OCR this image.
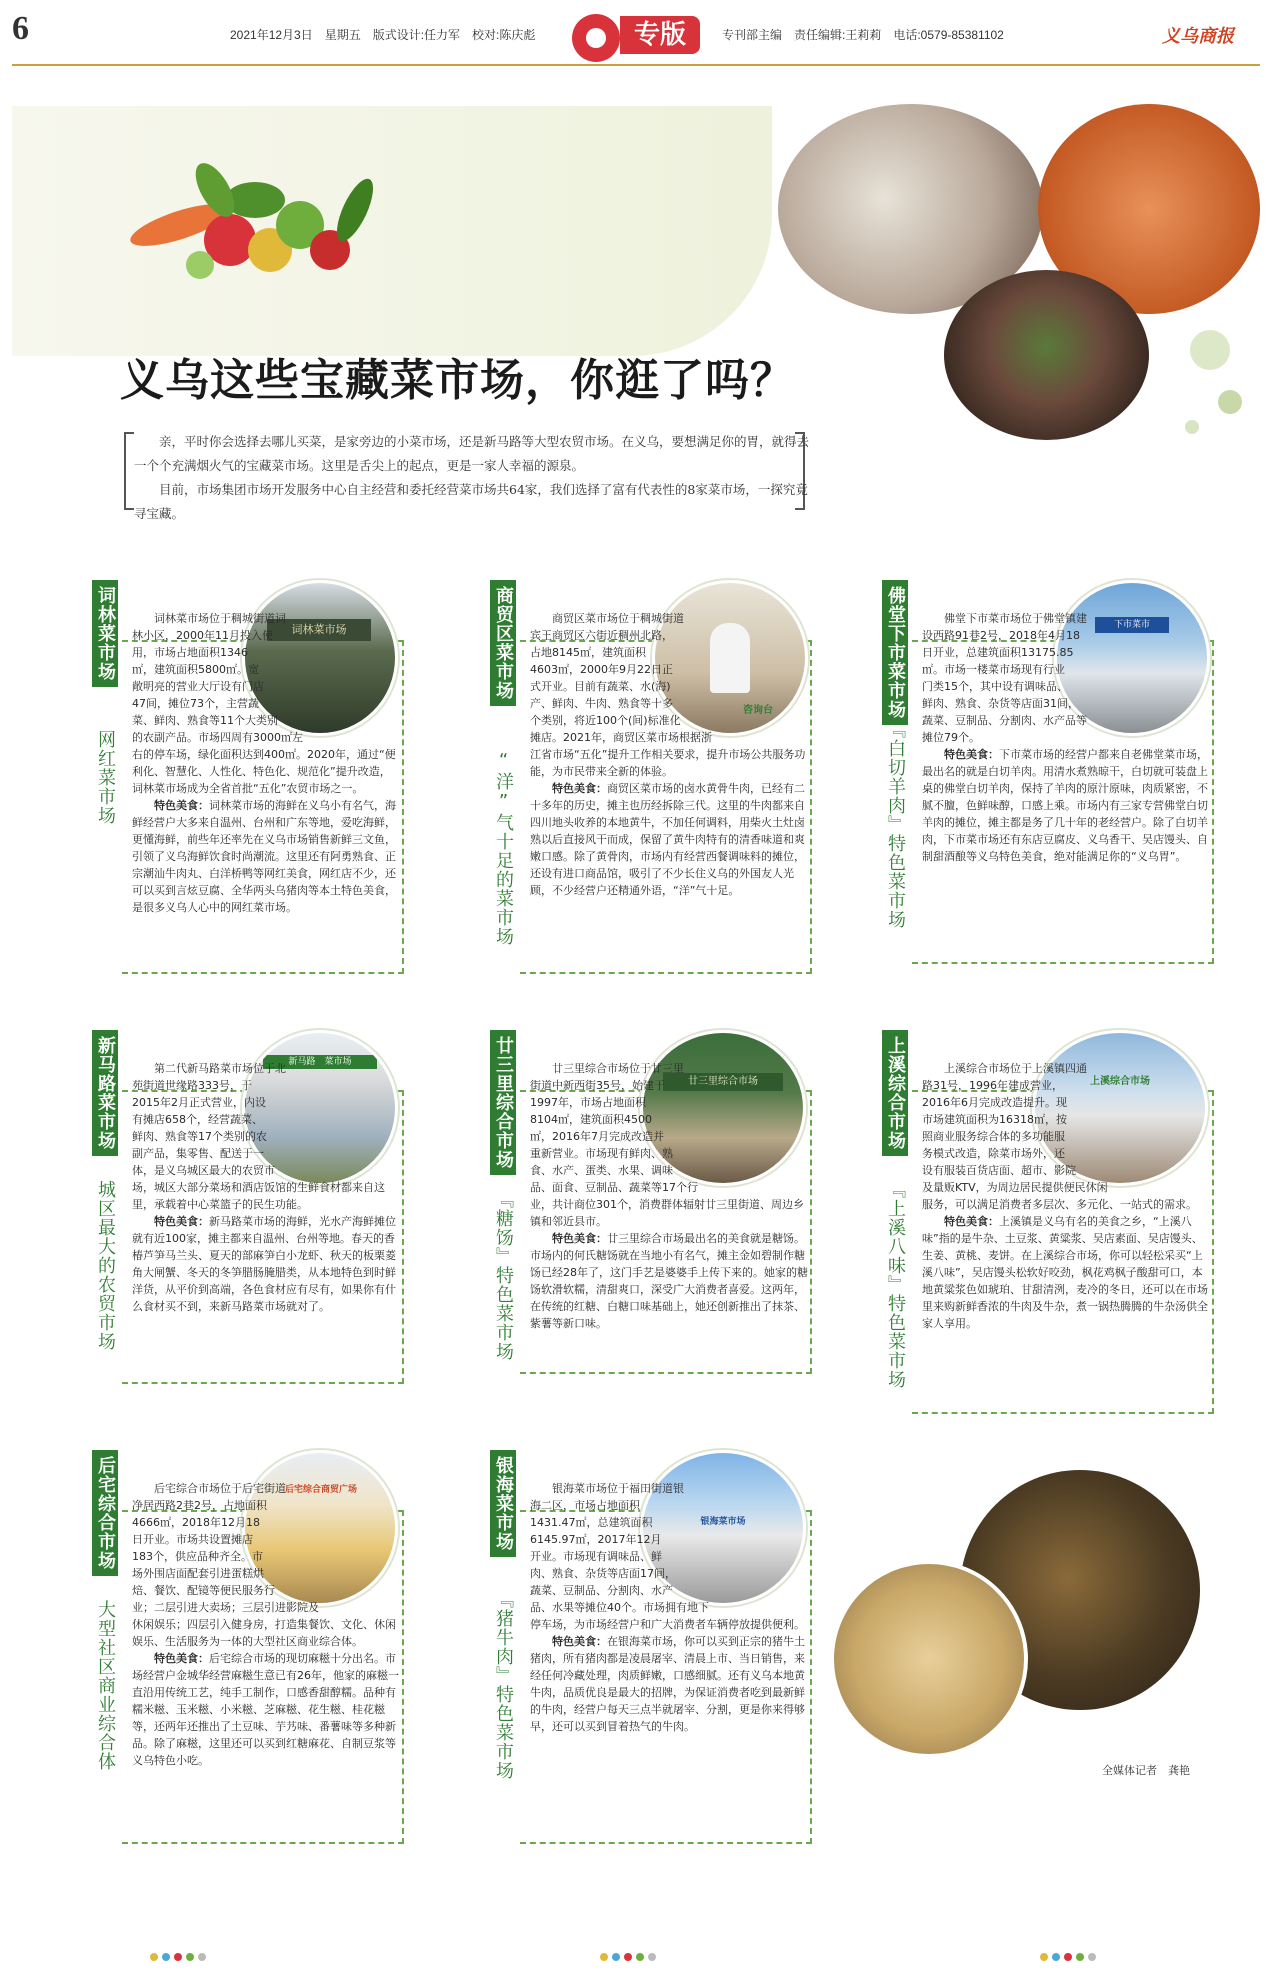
6	2021年12月3日　星期五　版式设计:任力军　校对:陈庆彪	专版	专刊部主编　责任编辑:王莉莉　电话:0579-85381102	义乌商报
义乌这些宝藏菜市场，你逛了吗？

亲，平时你会选择去哪儿买菜，是家旁边的小菜市场，还是新马路等大型农贸市场。在义乌，要想满足你的胃，就得去一个个充满烟火气的宝藏菜市场。这里是舌尖上的起点，更是一家人幸福的源泉。

目前，市场集团市场开发服务中心自主经营和委托经营菜市场共64家，我们选择了富有代表性的8家菜市场，一探究竟寻宝藏。

词林菜市场
网红菜市场
词林菜市场

词林菜市场位于稠城街道词林小区，2000年11月投入使用，市场占地面积1346㎡，建筑面积5800㎡。宽敞明亮的营业大厅设有门店47间，摊位73个，主营蔬菜、鲜肉、熟食等11个大类别的农副产品。市场四周有3000㎡左右的停车场，绿化面积达到400㎡。2020年，通过“便利化、智慧化、人性化、特色化、规范化”提升改造，词林菜市场成为全省首批“五化”农贸市场之一。

特色美食：词林菜市场的海鲜在义乌小有名气，海鲜经营户大多来自温州、台州和广东等地，爱吃海鲜，更懂海鲜，前些年还率先在义乌市场销售新鲜三文鱼，引领了义乌海鲜饮食时尚潮流。这里还有阿勇熟食、正宗潮汕牛肉丸、白洋桥鸭等网红美食，网红店不少，还可以买到言炫豆腐、全华两头乌猪肉等本土特色美食，是很多义乌人心中的网红菜市场。

商贸区菜市场
“洋”气十足的菜市场
咨询台

商贸区菜市场位于稠城街道宾王商贸区六街近稠州北路，占地8145㎡，建筑面积4603㎡，2000年9月22日正式开业。目前有蔬菜、水(海)产、鲜肉、牛肉、熟食等十多个类别，将近100个(间)标准化摊店。2021年，商贸区菜市场根据浙江省市场“五化”提升工作相关要求，提升市场公共服务功能，为市民带来全新的体验。

特色美食：商贸区菜市场的卤水黄骨牛肉，已经有二十多年的历史，摊主也历经拆除三代。这里的牛肉都来自四川地头收养的本地黄牛，不加任何调料，用柴火土灶卤熟以后直接风干而成，保留了黄牛肉特有的清香味道和爽嫩口感。除了黄骨肉，市场内有经营西餐调味料的摊位，还设有进口商品馆，吸引了不少长住义乌的外国友人光顾，不少经营户还精通外语，“洋”气十足。

佛堂下市菜市场
『白切羊肉』特色菜市场
下市菜市

佛堂下市菜市场位于佛堂镇建设西路91巷2号，2018年4月18日开业，总建筑面积13175.85㎡。市场一楼菜市场现有行业门类15个，其中设有调味品、鲜肉、熟食、杂货等店面31间，蔬菜、豆制品、分割肉、水产品等摊位79个。

特色美食：下市菜市场的经营户都来自老佛堂菜市场，最出名的就是白切羊肉。用清水煮熟晾干，白切就可装盘上桌的佛堂白切羊肉，保持了羊肉的原汁原味，肉质紧密，不腻不膻，色鲜味醇，口感上乘。市场内有三家专营佛堂白切羊肉的摊位，摊主都是务了几十年的老经营户。除了白切羊肉，下市菜市场还有东店豆腐皮、义乌香干、吴店馒头、自制甜酒酿等义乌特色美食，绝对能满足你的“义乌胃”。

新马路菜市场
城区最大的农贸市场
新马路　菜市场

第二代新马路菜市场位于北苑街道世缘路333号，于2015年2月正式营业，内设有摊店658个，经营蔬菜、鲜肉、熟食等17个类别的农副产品，集零售、配送于一体，是义乌城区最大的农贸市场，城区大部分菜场和酒店饭馆的生鲜食材都来自这里，承载着中心菜篮子的民生功能。

特色美食：新马路菜市场的海鲜，光水产海鲜摊位就有近100家，摊主都来自温州、台州等地。春天的香椿芦笋马兰头、夏天的部麻笋白小龙虾、秋天的板栗菱角大闸蟹、冬天的冬笋腊肠腌腊类，从本地特色到时鲜洋货，从平价到高端，各色食材应有尽有，如果你有什么食材买不到，来新马路菜市场就对了。

廿三里综合市场
『糖饧』特色菜市场
廿三里综合市场

廿三里综合市场位于廿三里街道中新西街35号，始建于1997年，市场占地面积8104㎡，建筑面积4500㎡，2016年7月完成改造并重新营业。市场现有鲜肉、熟食、水产、蛋类、水果、调味品、面食、豆制品、蔬菜等17个行业，共计商位301个，消费群体辐射廿三里街道、周边乡镇和邻近县市。

特色美食：廿三里综合市场最出名的美食就是糖饧。市场内的何氏糖饧就在当地小有名气，摊主金如碧制作糖饧已经28年了，这门手艺是婆婆手上传下来的。她家的糖饧软滑软糯，清甜爽口，深受广大消费者喜爱。这两年，在传统的红糖、白糖口味基础上，她还创新推出了抹茶、紫薯等新口味。

上溪综合市场
『上溪八味』特色菜市场
上溪综合市场

上溪综合市场位于上溪镇四通路31号，1996年建成营业，2016年6月完成改造提升。现市场建筑面积为16318㎡，按照商业服务综合体的多功能服务模式改造，除菜市场外，还设有服装百货店面、超市、影院及量贩KTV，为周边居民提供便民休闲服务，可以满足消费者多层次、多元化、一站式的需求。

特色美食：上溪镇是义乌有名的美食之乡，“上溪八味”指的是牛杂、土豆浆、黄粱浆、吴店素面、吴店馒头、生姜、黄桃、麦饼。在上溪综合市场，你可以轻松采买“上溪八味”，吴店馒头松软好咬劲，枫花鸡枫子酸甜可口，本地黄粱浆色如琥珀、甘甜清洌，麦冷的冬日，还可以在市场里来购新鲜香浓的牛肉及牛杂，煮一锅热腾腾的牛杂汤供全家人享用。

后宅综合市场
大型社区商业综合体
后宅综合商贸广场

后宅综合市场位于后宅街道净居西路2巷2号，占地面积4666㎡，2018年12月18日开业。市场共设置摊店183个，供应品种齐全。市场外围店面配套引进蛋糕烘焙、餐饮、配镜等便民服务行业；二层引进大卖场；三层引进影院及休闲娱乐；四层引入健身房，打造集餐饮、文化、休闲娱乐、生活服务为一体的大型社区商业综合体。

特色美食：后宅综合市场的现切麻糍十分出名。市场经营户金城华经营麻糍生意已有26年，他家的麻糍一直沿用传统工艺，纯手工制作，口感香甜醇糯。品种有糯米糍、玉米糍、小米糍、芝麻糍、花生糍、桂花糍等，还两年还推出了土豆味、芋艿味、番薯味等多种新品。除了麻糍，这里还可以买到红糖麻花、自制豆浆等义乌特色小吃。

银海菜市场
『猪牛肉』特色菜市场
银海菜市场

银海菜市场位于福田街道银海二区，市场占地面积1431.47㎡，总建筑面积6145.97㎡，2017年12月开业。市场现有调味品、鲜肉、熟食、杂货等店面17间，蔬菜、豆制品、分割肉、水产品、水果等摊位40个。市场拥有地下停车场，为市场经营户和广大消费者车辆停放提供便利。

特色美食：在银海菜市场，你可以买到正宗的猪牛土猪肉，所有猪肉都是凌晨屠宰、清晨上市、当日销售，来经任何冷藏处理，肉质鲜嫩，口感细腻。还有义乌本地黄牛肉，品质优良是最大的招牌，为保证消费者吃到最新鲜的牛肉，经营户每天三点半就屠宰、分割，更是你来得够早，还可以买到冒着热气的牛肉。

全媒体记者　龚艳
